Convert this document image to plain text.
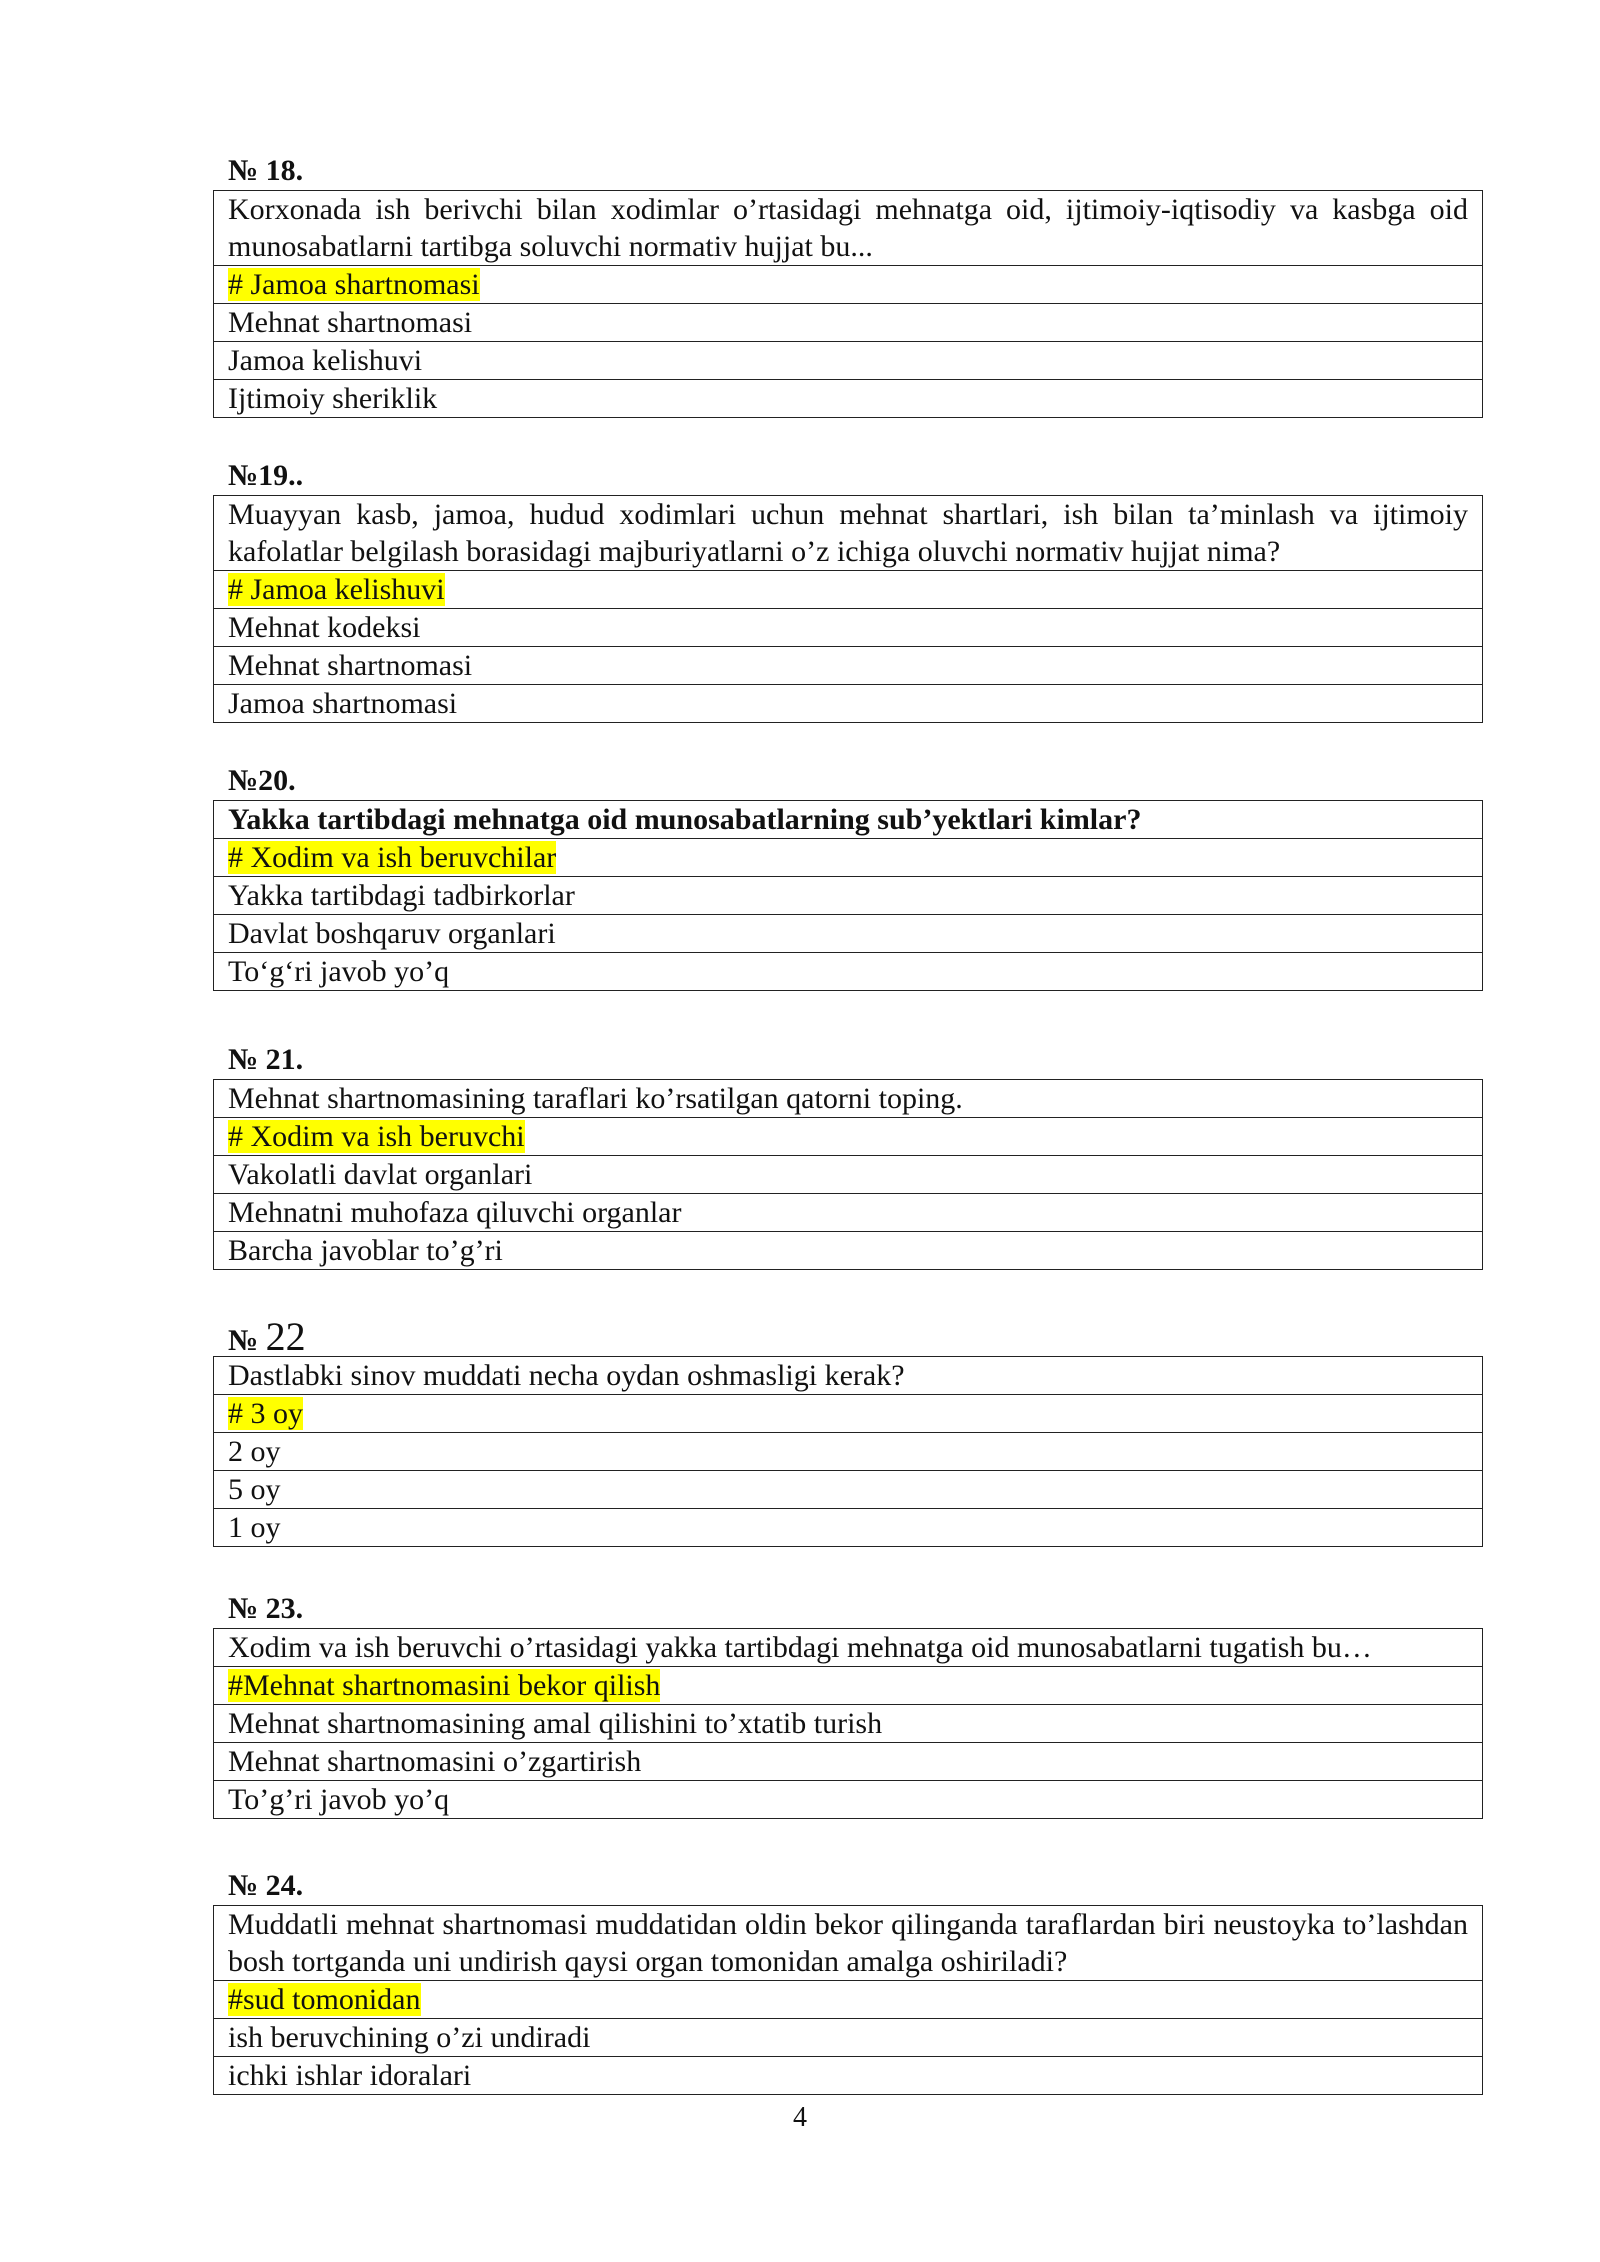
№ 18.
Korxonada ish berivchi bilan xodimlar o’rtasidagi mehnatga oid, ijtimoiy-iqtisodiy va kasbga oid munosabatlarni tartibga soluvchi normativ hujjat bu...
# Jamoa shartnomasi
Mehnat shartnomasi
Jamoa kelishuvi
Ijtimoiy sheriklik
№19..
Muayyan kasb, jamoa, hudud xodimlari uchun mehnat shartlari, ish bilan ta’minlash va ijtimoiy kafolatlar belgilash borasidagi majburiyatlarni o’z ichiga oluvchi normativ hujjat nima?
# Jamoa kelishuvi
Mehnat kodeksi
Mehnat shartnomasi
Jamoa shartnomasi
№20.
Yakka tartibdagi mehnatga oid munosabatlarning sub’yektlari kimlar?
# Xodim va ish beruvchilar
Yakka tartibdagi tadbirkorlar
Davlat boshqaruv organlari
To‘g‘ri javob yo’q
№ 21.
Mehnat shartnomasining taraflari ko’rsatilgan qatorni toping.
# Xodim va ish beruvchi
Vakolatli davlat organlari
Mehnatni muhofaza qiluvchi organlar
Barcha javoblar to’g’ri
№ 22
Dastlabki sinov muddati necha oydan oshmasligi kerak?
# 3 oy
2 oy
5 oy
1 oy
№ 23.
Xodim va ish beruvchi o’rtasidagi yakka tartibdagi mehnatga oid munosabatlarni tugatish bu…
#Mehnat shartnomasini bekor qilish
Mehnat shartnomasining amal qilishini to’xtatib turish
Mehnat shartnomasini o’zgartirish
To’g’ri javob yo’q
№ 24.
Muddatli mehnat shartnomasi muddatidan oldin bekor qilinganda taraflardan biri neustoyka to’lashdan bosh tortganda uni undirish qaysi organ tomonidan amalga oshiriladi?
#sud tomonidan
ish beruvchining o’zi undiradi
ichki ishlar idoralari
4
